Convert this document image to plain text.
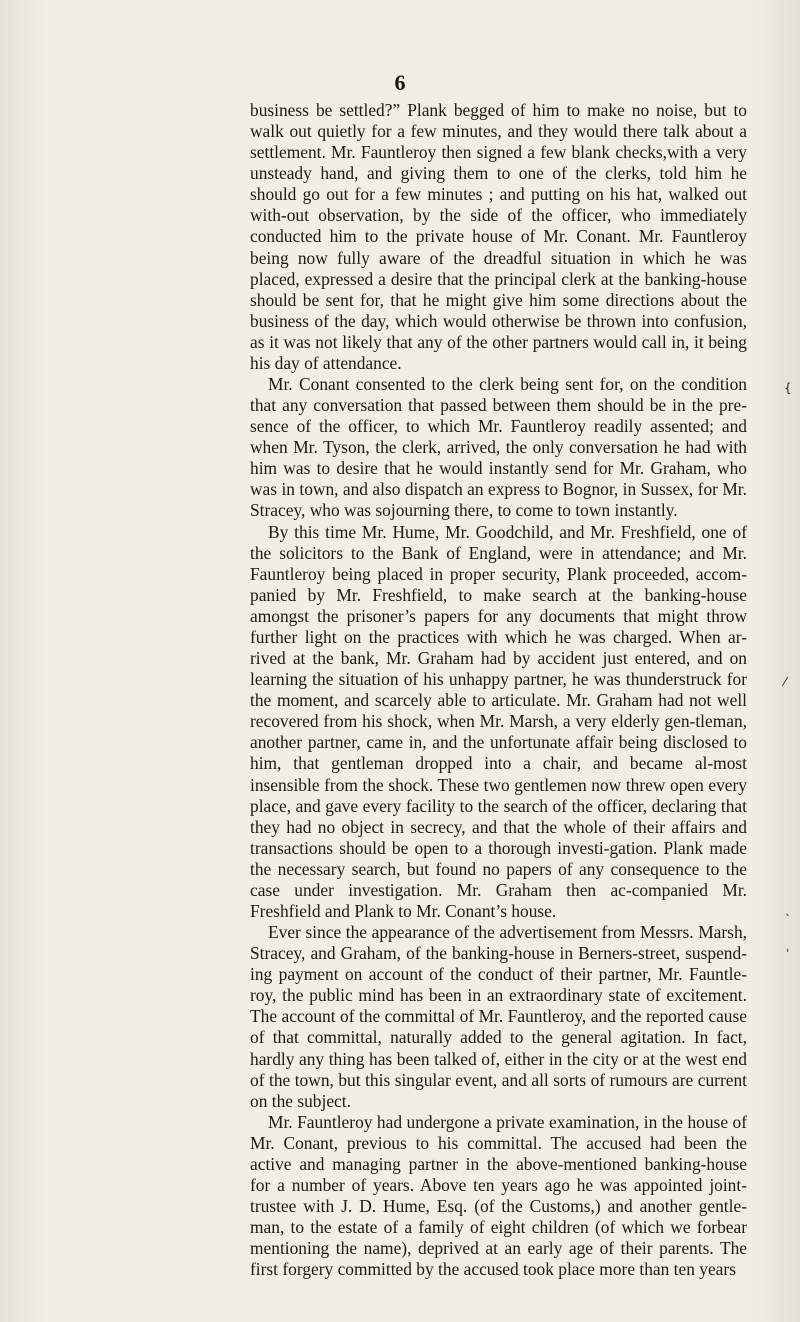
6

business be settled?” Plank begged of him to make no noise, but to walk out quietly for a few minutes, and they would there talk about a settlement. Mr. Fauntleroy then signed a few blank checks,with a very unsteady hand, and giving them to one of the clerks, told him he should go out for a few minutes ; and putting on his hat, walked out with-out observation, by the side of the officer, who immediately conducted him to the private house of Mr. Conant. Mr. Fauntleroy being now fully aware of the dreadful situation in which he was placed, expressed a desire that the principal clerk at the banking-house should be sent for, that he might give him some directions about the business of the day, which would otherwise be thrown into confusion, as it was not likely that any of the other partners would call in, it being his day of attendance.

Mr. Conant consented to the clerk being sent for, on the condition that any conversation that passed between them should be in the pre-sence of the officer, to which Mr. Fauntleroy readily assented; and when Mr. Tyson, the clerk, arrived, the only conversation he had with him was to desire that he would instantly send for Mr. Graham, who was in town, and also dispatch an express to Bognor, in Sussex, for Mr. Stracey, who was sojourning there, to come to town instantly.

By this time Mr. Hume, Mr. Goodchild, and Mr. Freshfield, one of the solicitors to the Bank of England, were in attendance; and Mr. Fauntleroy being placed in proper security, Plank proceeded, accom-panied by Mr. Freshfield, to make search at the banking-house amongst the prisoner’s papers for any documents that might throw further light on the practices with which he was charged. When ar-rived at the bank, Mr. Graham had by accident just entered, and on learning the situation of his unhappy partner, he was thunderstruck for the moment, and scarcely able to articulate. Mr. Graham had not well recovered from his shock, when Mr. Marsh, a very elderly gen-tleman, another partner, came in, and the unfortunate affair being disclosed to him, that gentleman dropped into a chair, and became al-most insensible from the shock. These two gentlemen now threw open every place, and gave every facility to the search of the officer, declaring that they had no object in secrecy, and that the whole of their affairs and transactions should be open to a thorough investi-gation. Plank made the necessary search, but found no papers of any consequence to the case under investigation. Mr. Graham then ac-companied Mr. Freshfield and Plank to Mr. Conant’s house.

Ever since the appearance of the advertisement from Messrs. Marsh, Stracey, and Graham, of the banking-house in Berners-street, suspend-ing payment on account of the conduct of their partner, Mr. Fauntle-roy, the public mind has been in an extraordinary state of excitement. The account of the committal of Mr. Fauntleroy, and the reported cause of that committal, naturally added to the general agitation. In fact, hardly any thing has been talked of, either in the city or at the west end of the town, but this singular event, and all sorts of rumours are current on the subject.

Mr. Fauntleroy had undergone a private examination, in the house of Mr. Conant, previous to his committal. The accused had been the active and managing partner in the above-mentioned banking-house for a number of years. Above ten years ago he was appointed joint-trustee with J. D. Hume, Esq. (of the Customs,) and another gentle-man, to the estate of a family of eight children (of which we forbear mentioning the name), deprived at an early age of their parents. The first forgery committed by the accused took place more than ten years

{
⁄
ˎ
ˌ
